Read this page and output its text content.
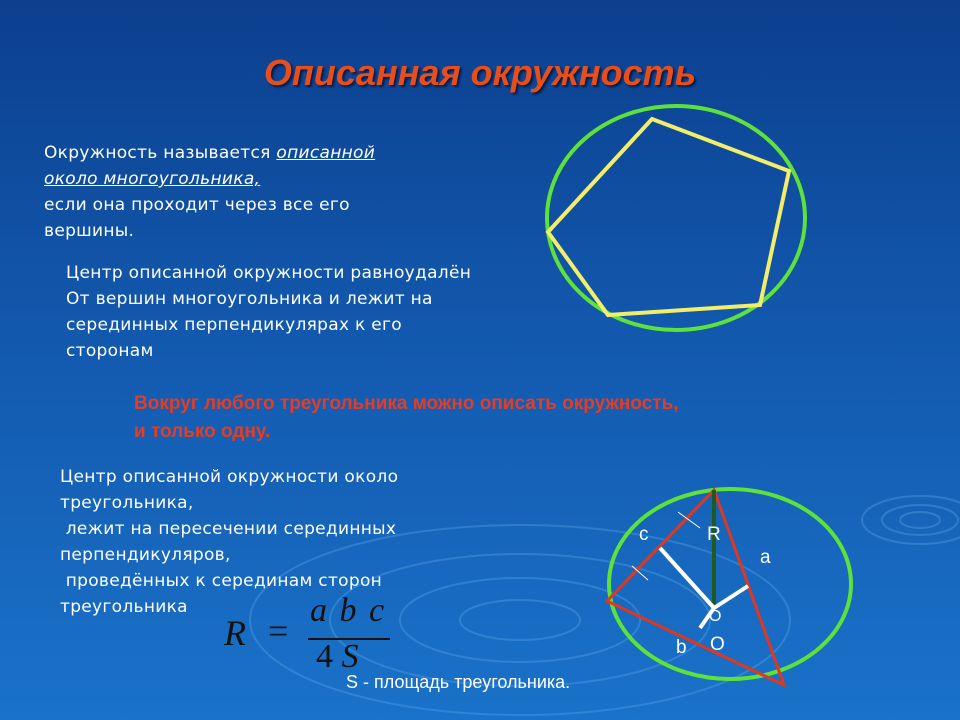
Описанная окружность
Окружность называется описанной
около многоугольника,
если она проходит через все его
вершины.
Центр описанной окружности равноудалён
От вершин многоугольника и лежит на
серединных перпендикулярах к его
сторонам
Вокруг любого треугольника можно описать окружность,
и только одну.
Центр описанной окружности около
треугольника,
лежит на пересечении серединных
перпендикуляров,
проведённых к серединам сторон
треугольника
R =
a b c
4 S
c	R
a
O
b O
S - площадь треугольника.
